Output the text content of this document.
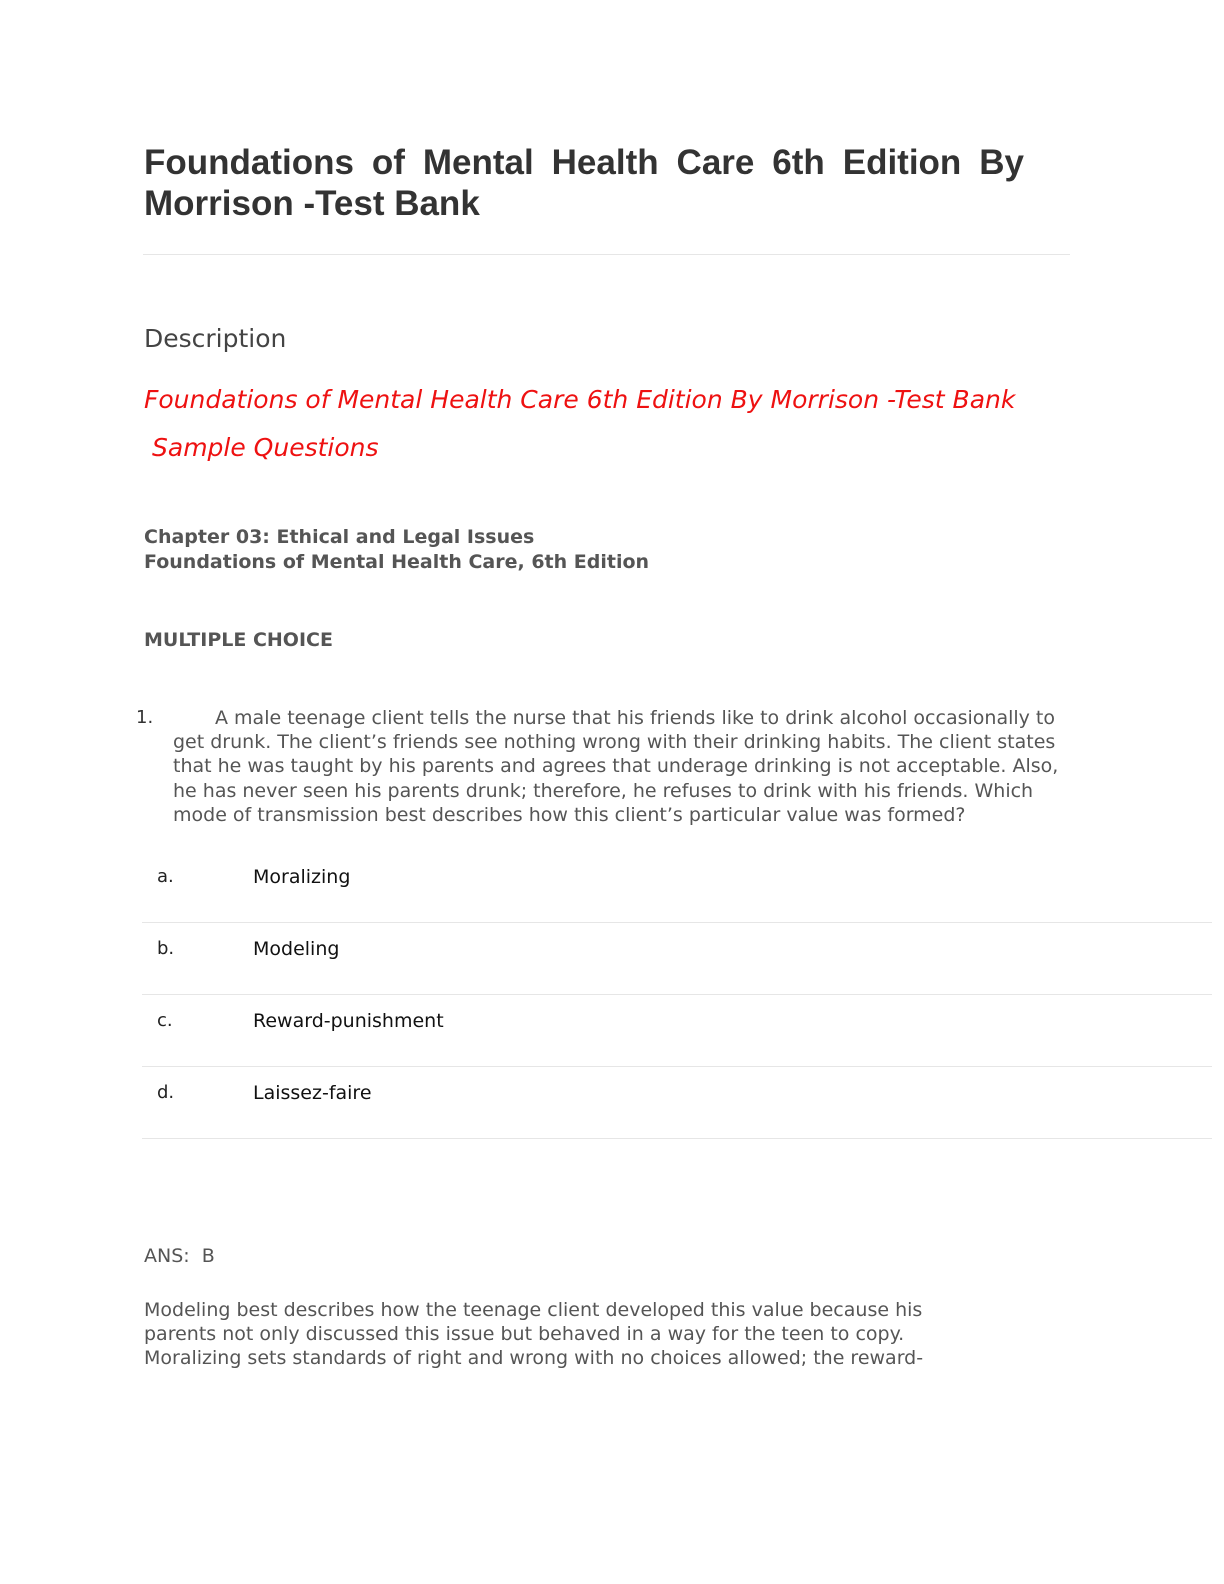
Foundations of Mental Health Care 6th Edition By Morrison -Test Bank
Description

Foundations of Mental Health Care 6th Edition By Morrison -Test Bank

Sample Questions

Chapter 03: Ethical and Legal Issues
Foundations of Mental Health Care, 6th Edition
MULTIPLE CHOICE
1.	A male teenage client tells the nurse that his friends like to drink alcohol occasionally to get drunk. The client’s friends see nothing wrong with their drinking habits. The client states that he was taught by his parents and agrees that underage drinking is not acceptable. Also, he has never seen his parents drunk; therefore, he refuses to drink with his friends. Which mode of transmission best describes how this client’s particular value was formed?
a.	Moralizing
b.	Modeling
c.	Reward-punishment
d.	Laissez-faire
ANS:  B
Modeling best describes how the teenage client developed this value because his
parents not only discussed this issue but behaved in a way for the teen to copy.
Moralizing sets standards of right and wrong with no choices allowed; the reward-
